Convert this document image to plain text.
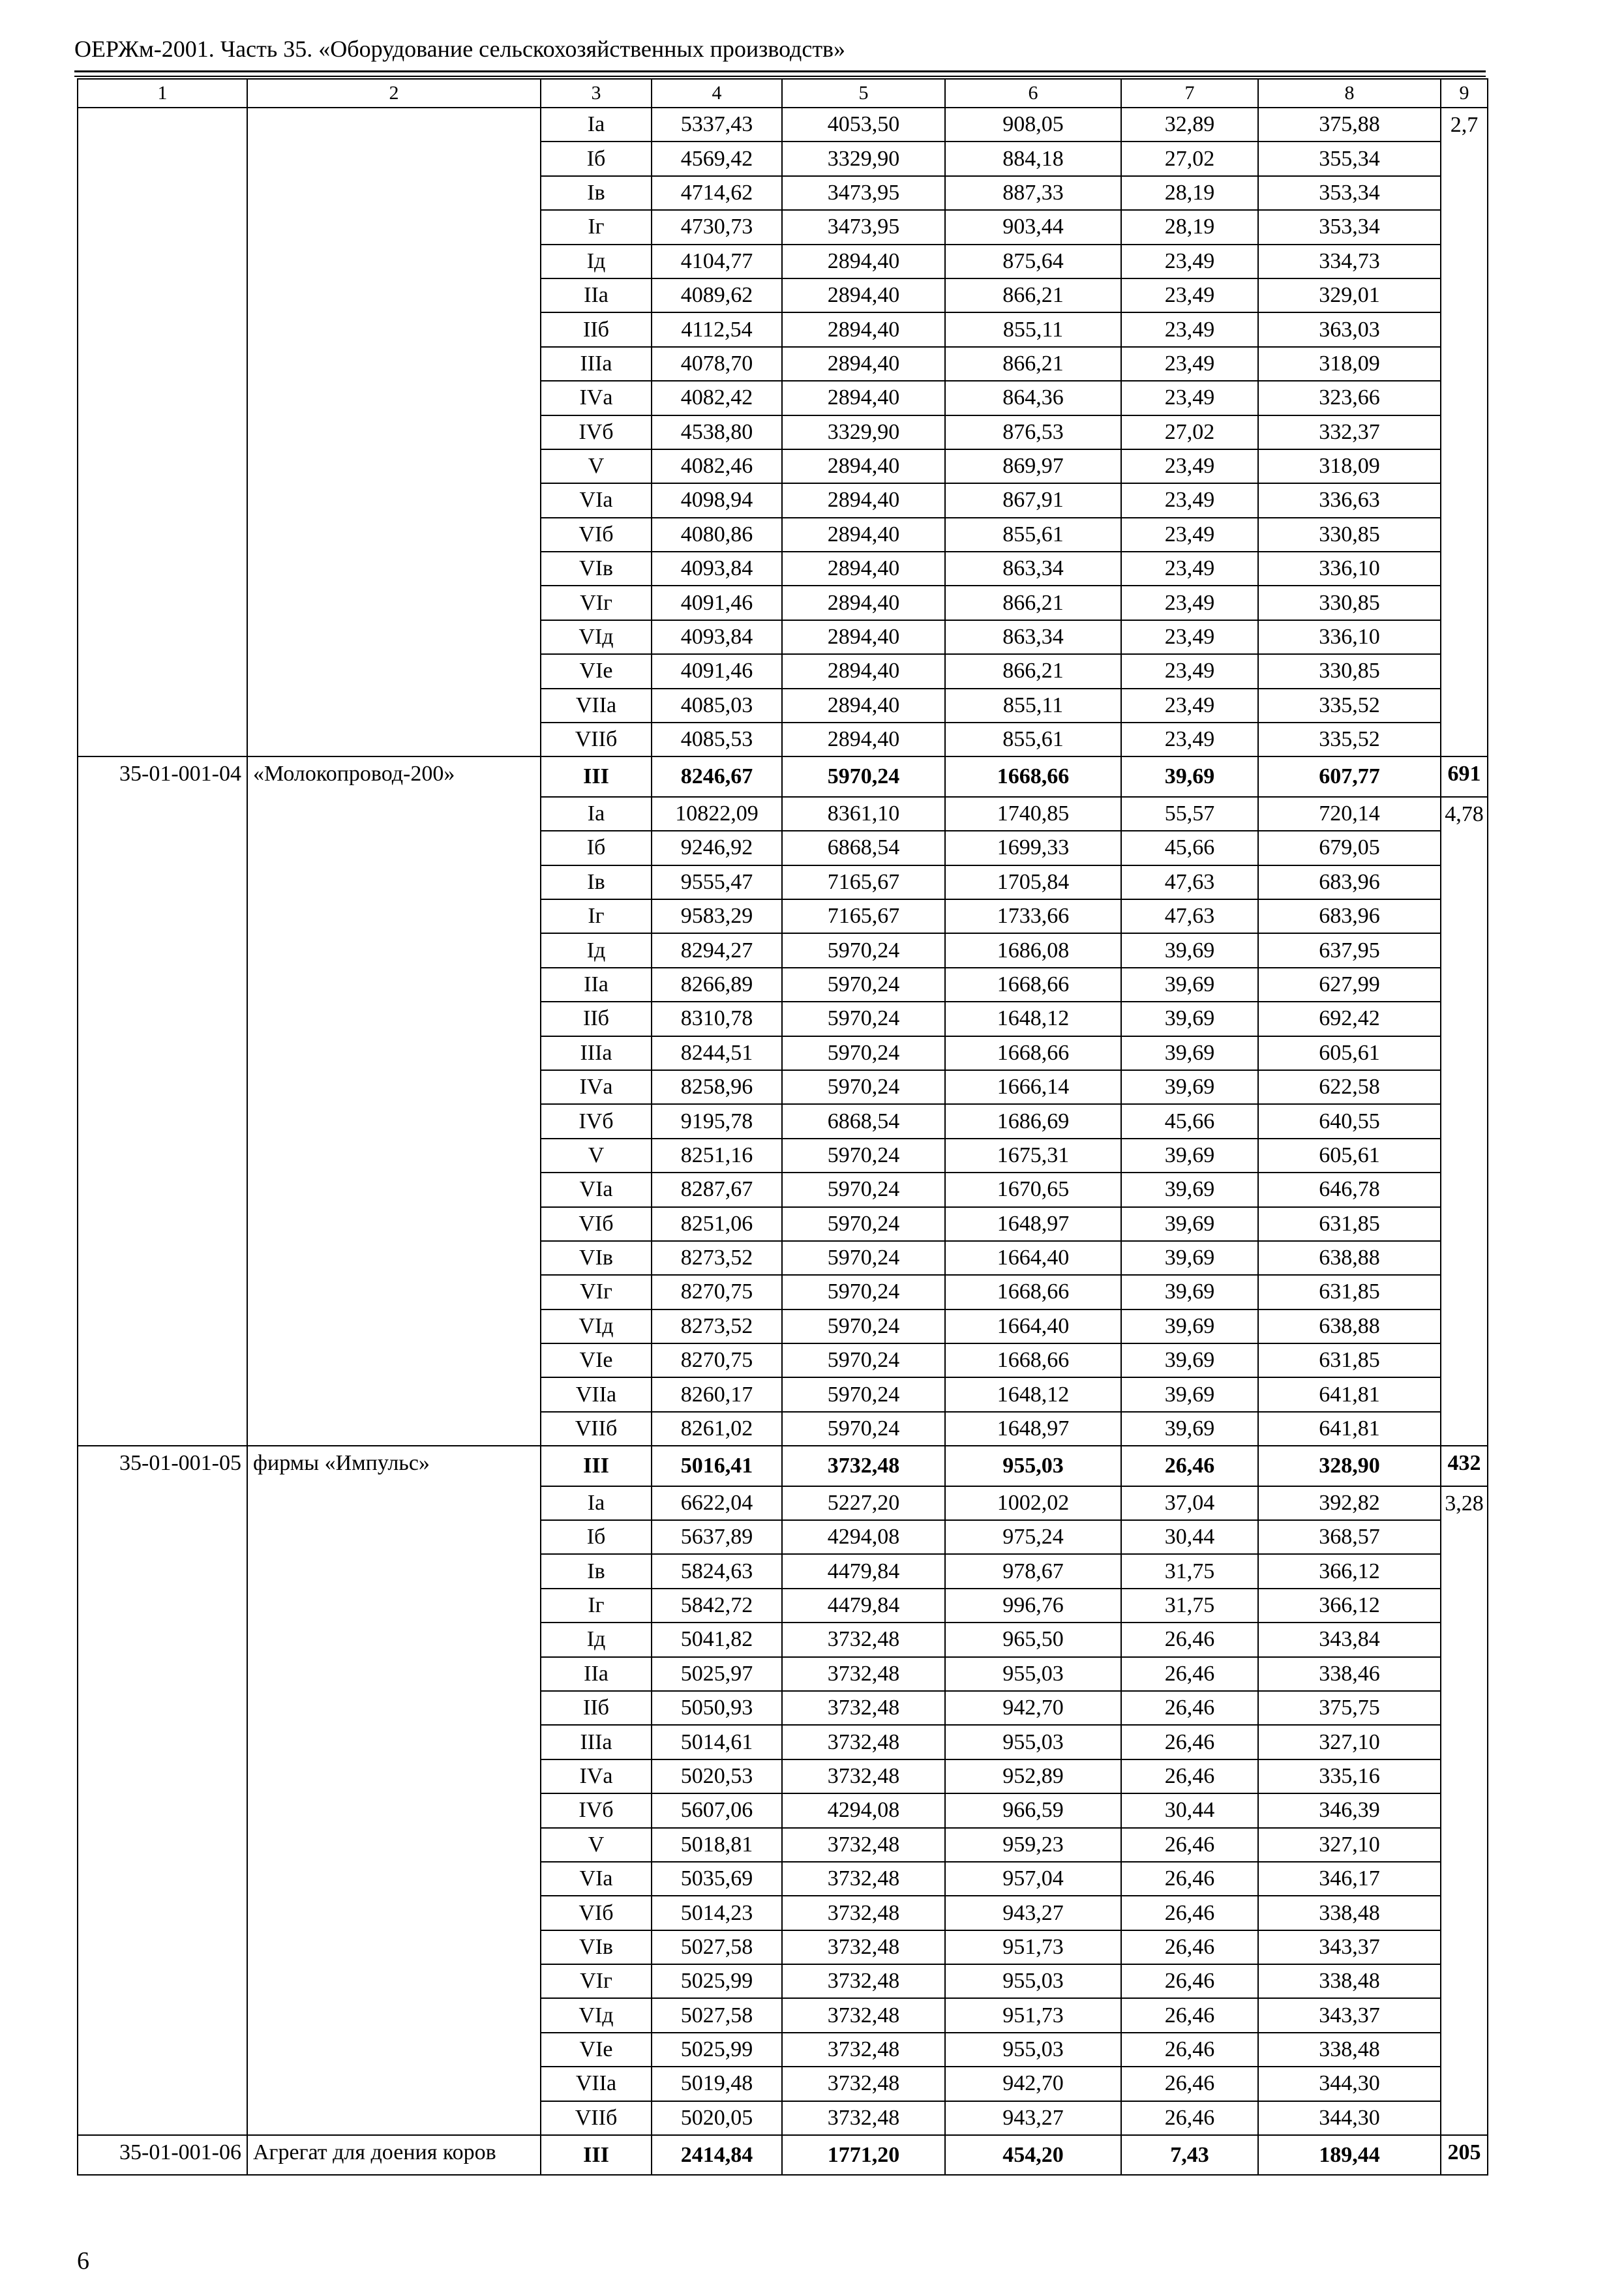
ОЕРЖм-2001. Часть 35. «Оборудование сельскохозяйственных производств»
1	2	3	4	5	6	7	8	9
		Iа	5337,43	4053,50	908,05	32,89	375,88	2,7
		Iб	4569,42	3329,90	884,18	27,02	355,34	
		Iв	4714,62	3473,95	887,33	28,19	353,34	
		Iг	4730,73	3473,95	903,44	28,19	353,34	
		Iд	4104,77	2894,40	875,64	23,49	334,73	
		IIа	4089,62	2894,40	866,21	23,49	329,01	
		IIб	4112,54	2894,40	855,11	23,49	363,03	
		IIIа	4078,70	2894,40	866,21	23,49	318,09	
		IVа	4082,42	2894,40	864,36	23,49	323,66	
		IVб	4538,80	3329,90	876,53	27,02	332,37	
		V	4082,46	2894,40	869,97	23,49	318,09	
		VIа	4098,94	2894,40	867,91	23,49	336,63	
		VIб	4080,86	2894,40	855,61	23,49	330,85	
		VIв	4093,84	2894,40	863,34	23,49	336,10	
		VIг	4091,46	2894,40	866,21	23,49	330,85	
		VIд	4093,84	2894,40	863,34	23,49	336,10	
		VIе	4091,46	2894,40	866,21	23,49	330,85	
		VIIа	4085,03	2894,40	855,11	23,49	335,52	
		VIIб	4085,53	2894,40	855,61	23,49	335,52	
35-01-001-04	«Молокопровод-200»	III	8246,67	5970,24	1668,66	39,69	607,77	691
		Iа	10822,09	8361,10	1740,85	55,57	720,14	4,78
		Iб	9246,92	6868,54	1699,33	45,66	679,05	
		Iв	9555,47	7165,67	1705,84	47,63	683,96	
		Iг	9583,29	7165,67	1733,66	47,63	683,96	
		Iд	8294,27	5970,24	1686,08	39,69	637,95	
		IIа	8266,89	5970,24	1668,66	39,69	627,99	
		IIб	8310,78	5970,24	1648,12	39,69	692,42	
		IIIа	8244,51	5970,24	1668,66	39,69	605,61	
		IVа	8258,96	5970,24	1666,14	39,69	622,58	
		IVб	9195,78	6868,54	1686,69	45,66	640,55	
		V	8251,16	5970,24	1675,31	39,69	605,61	
		VIа	8287,67	5970,24	1670,65	39,69	646,78	
		VIб	8251,06	5970,24	1648,97	39,69	631,85	
		VIв	8273,52	5970,24	1664,40	39,69	638,88	
		VIг	8270,75	5970,24	1668,66	39,69	631,85	
		VIд	8273,52	5970,24	1664,40	39,69	638,88	
		VIе	8270,75	5970,24	1668,66	39,69	631,85	
		VIIа	8260,17	5970,24	1648,12	39,69	641,81	
		VIIб	8261,02	5970,24	1648,97	39,69	641,81	
35-01-001-05	фирмы «Импульс»	III	5016,41	3732,48	955,03	26,46	328,90	432
		Iа	6622,04	5227,20	1002,02	37,04	392,82	3,28
		Iб	5637,89	4294,08	975,24	30,44	368,57	
		Iв	5824,63	4479,84	978,67	31,75	366,12	
		Iг	5842,72	4479,84	996,76	31,75	366,12	
		Iд	5041,82	3732,48	965,50	26,46	343,84	
		IIа	5025,97	3732,48	955,03	26,46	338,46	
		IIб	5050,93	3732,48	942,70	26,46	375,75	
		IIIа	5014,61	3732,48	955,03	26,46	327,10	
		IVа	5020,53	3732,48	952,89	26,46	335,16	
		IVб	5607,06	4294,08	966,59	30,44	346,39	
		V	5018,81	3732,48	959,23	26,46	327,10	
		VIа	5035,69	3732,48	957,04	26,46	346,17	
		VIб	5014,23	3732,48	943,27	26,46	338,48	
		VIв	5027,58	3732,48	951,73	26,46	343,37	
		VIг	5025,99	3732,48	955,03	26,46	338,48	
		VIд	5027,58	3732,48	951,73	26,46	343,37	
		VIе	5025,99	3732,48	955,03	26,46	338,48	
		VIIа	5019,48	3732,48	942,70	26,46	344,30	
		VIIб	5020,05	3732,48	943,27	26,46	344,30	
35-01-001-06	Агрегат для доения коров	III	2414,84	1771,20	454,20	7,43	189,44	205
6
